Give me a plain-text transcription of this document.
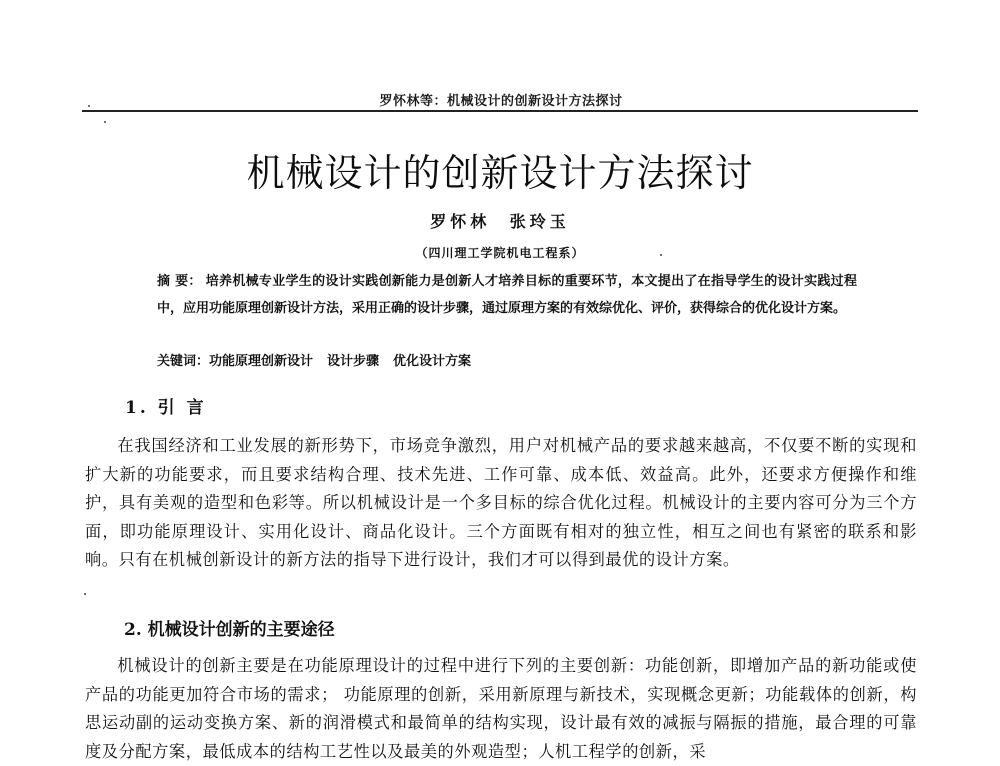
罗怀林等：机械设计的创新设计方法探讨
机械设计的创新设计方法探讨
罗怀林 张玲玉
（四川理工学院机电工程系）
摘 要： 培养机械专业学生的设计实践创新能力是创新人才培养目标的重要环节，本文提出了在指导学生的设计实践过程中，应用功能原理创新设计方法，采用正确的设计步骤，通过原理方案的有效综优化、评价，获得综合的优化设计方案。
关键词：功能原理创新设计 设计步骤 优化设计方案
1. 引 言

在我国经济和工业发展的新形势下，市场竞争激烈，用户对机械产品的要求越来越高，不仅要不断的实现和扩大新的功能要求，而且要求结构合理、技术先进、工作可靠、成本低、效益高。此外，还要求方便操作和维护，具有美观的造型和色彩等。所以机械设计是一个多目标的综合优化过程。机械设计的主要内容可分为三个方面，即功能原理设计、实用化设计、商品化设计。三个方面既有相对的独立性，相互之间也有紧密的联系和影响。只有在机械创新设计的新方法的指导下进行设计，我们才可以得到最优的设计方案。

2. 机械设计创新的主要途径

机械设计的创新主要是在功能原理设计的过程中进行下列的主要创新：功能创新，即增加产品的新功能或使产品的功能更加符合市场的需求； 功能原理的创新，采用新原理与新技术，实现概念更新；功能载体的创新，构思运动副的运动变换方案、新的润滑模式和最简单的结构实现，设计最有效的减振与隔振的措施，最合理的可靠度及分配方案，最低成本的结构工艺性以及最美的外观造型；人机工程学的创新，采
